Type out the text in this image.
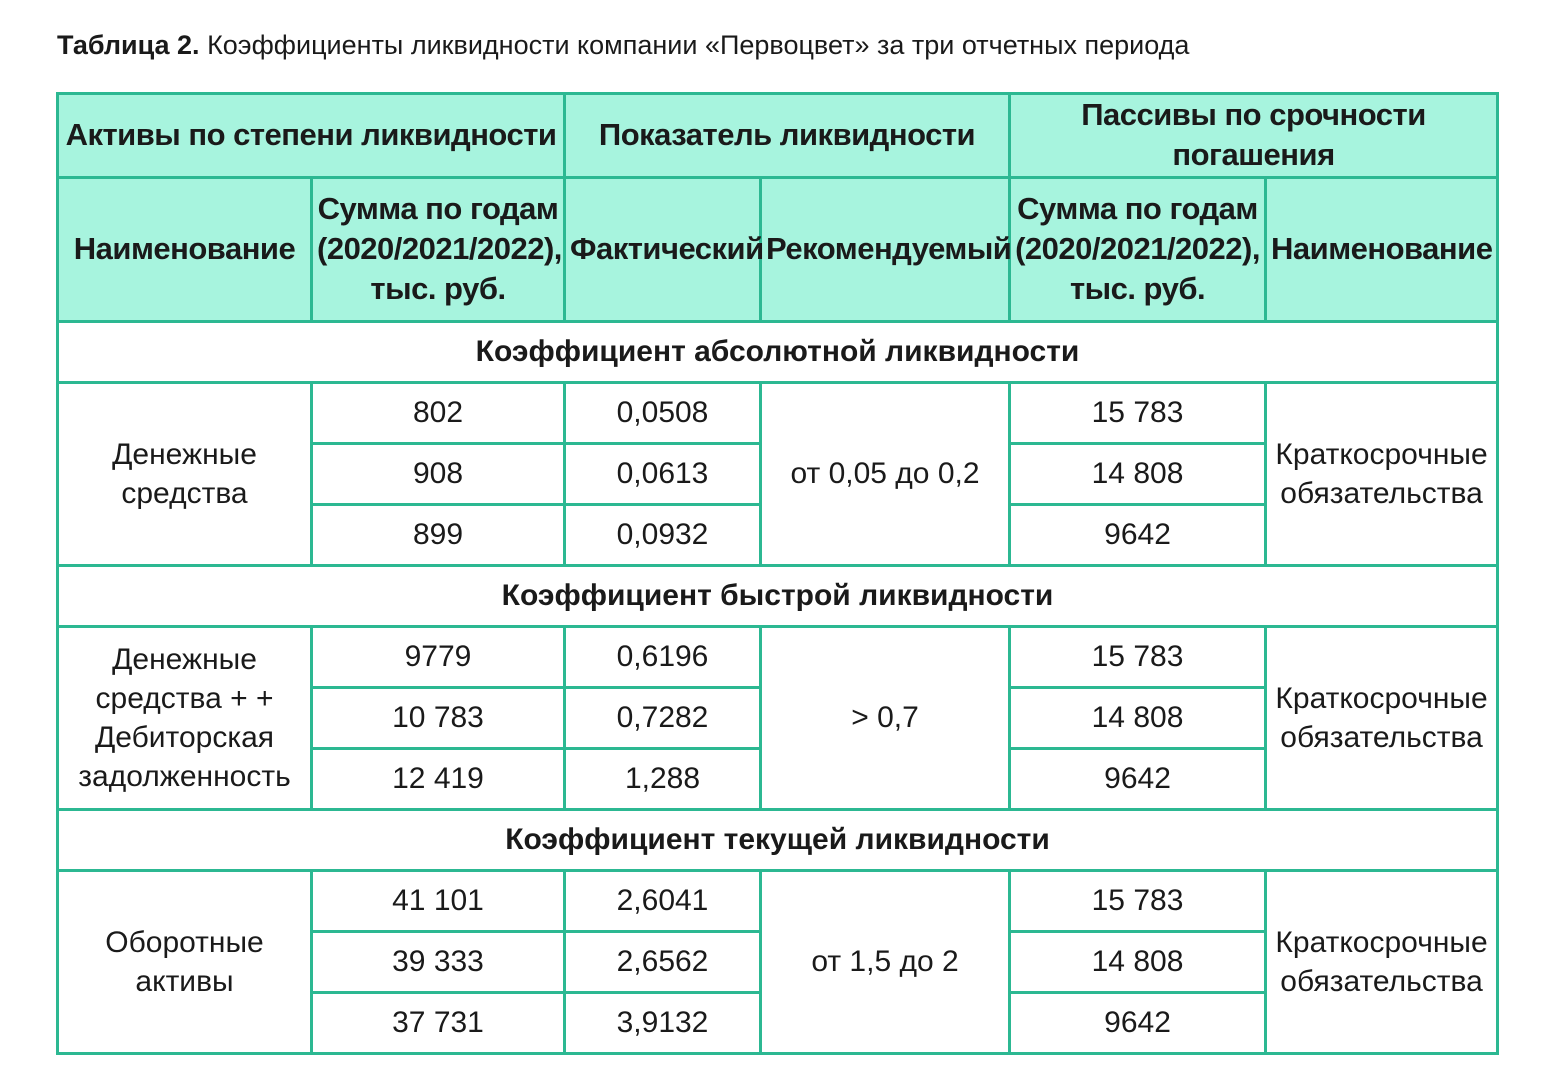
Таблица 2. Коэффициенты ликвидности компании «Первоцвет» за три отчетных периода
Активы по степени ликвидности		Показатель ликвидности		Пассивы по срочности погашения	
Наименование	Сумма по годам (2020/2021/2022), тыс. руб.	Фактический	Рекомендуемый	Сумма по годам (2020/2021/2022), тыс. руб.	Наименование
Коэффициент абсолютной ликвидности					
Денежные средства	802	0,0508	от 0,05 до 0,2	15 783	Краткосрочные обязательства
	908	0,0613		14 808	
	899	0,0932		9642	
Коэффициент быстрой ликвидности					
Денежные средства + + Дебиторская задолженность	9779	0,6196	> 0,7	15 783	Краткосрочные обязательства
	10 783	0,7282		14 808	
	12 419	1,288		9642	
Коэффициент текущей ликвидности					
Оборотные активы	41 101	2,6041	от 1,5 до 2	15 783	Краткосрочные обязательства
	39 333	2,6562		14 808	
	37 731	3,9132		9642	
